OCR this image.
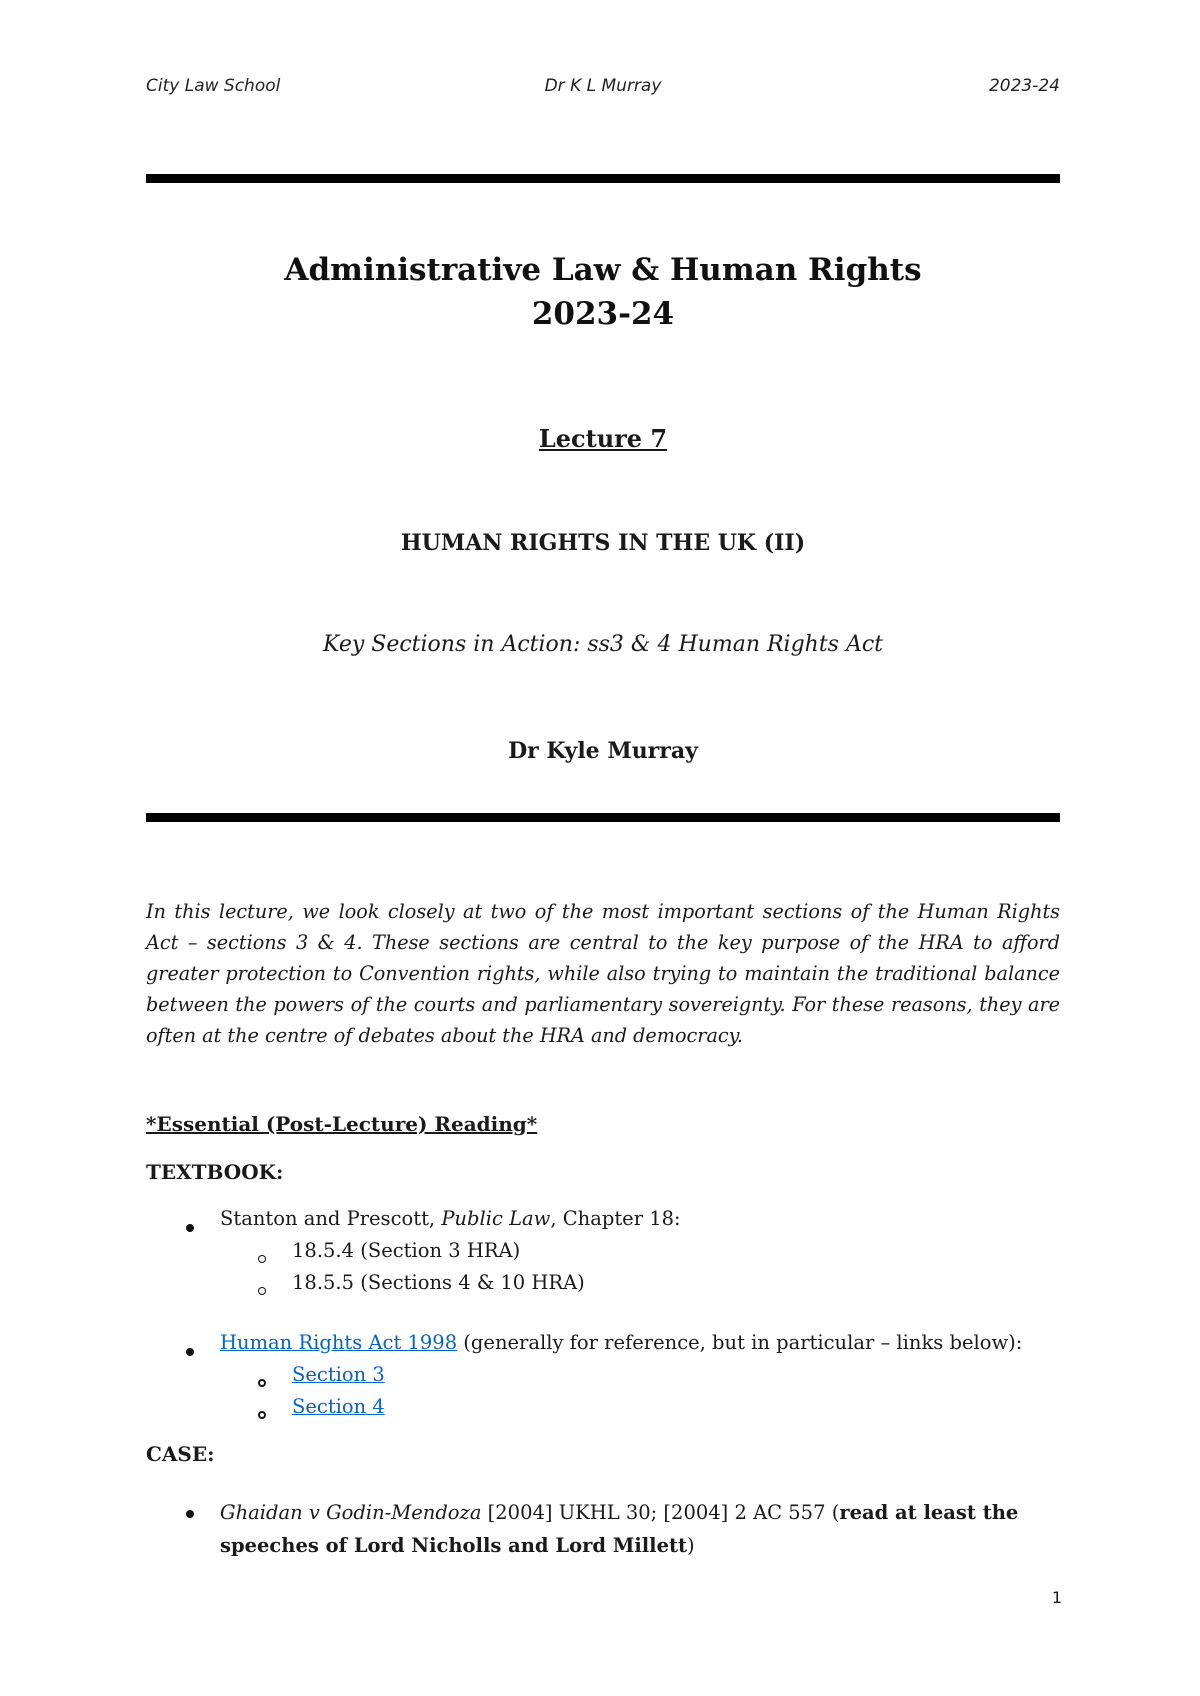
City Law School	Dr K L Murray	2023-24
Administrative Law & Human Rights
2023-24
Lecture 7
HUMAN RIGHTS IN THE UK (II)
Key Sections in Action: ss3 & 4 Human Rights Act
Dr Kyle Murray

In this lecture, we look closely at two of the most important sections of the Human Rights Act – sections 3 & 4. These sections are central to the key purpose of the HRA to afford greater protection to Convention rights, while also trying to maintain the traditional balance between the powers of the courts and parliamentary sovereignty. For these reasons, they are often at the centre of debates about the HRA and democracy.

*Essential (Post-Lecture) Reading*
TEXTBOOK:
Stanton and Prescott, Public Law, Chapter 18:
18.5.4 (Section 3 HRA)
18.5.5 (Sections 4 & 10 HRA)
Human Rights Act 1998 (generally for reference, but in particular – links below):
Section 3
Section 4
CASE:
Ghaidan v Godin-Mendoza [2004] UKHL 30; [2004] 2 AC 557 (read at least the speeches of Lord Nicholls and Lord Millett)
1
